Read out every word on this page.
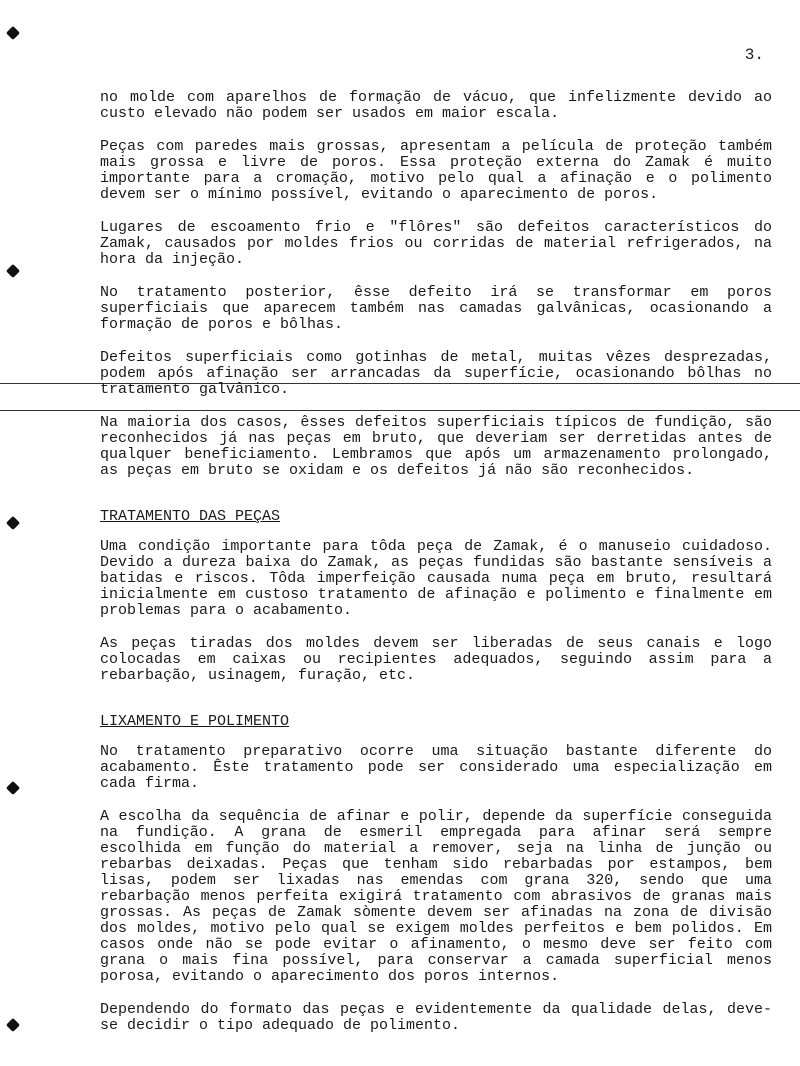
3.

no molde com aparelhos de formação de vácuo, que infelizmente devido ao custo elevado não podem ser usados em maior escala.

Peças com paredes mais grossas, apresentam a película de proteção também mais grossa e livre de poros. Essa proteção externa do Zamak é muito importante para a cromação, motivo pelo qual a afinação e o polimento devem ser o mínimo possível, evitando o aparecimento de poros.

Lugares de escoamento frio e "flôres" são defeitos característicos do Zamak, causados por moldes frios ou corridas de material refrigerados, na hora da injeção.

No tratamento posterior, êsse defeito irá se transformar em poros superficiais que aparecem também nas camadas galvânicas, ocasionando a formação de poros e bôlhas.

Defeitos superficiais como gotinhas de metal, muitas vêzes desprezadas, podem após afinação ser arrancadas da superfície, ocasionando bôlhas no tratamento galvânico.

Na maioria dos casos, êsses defeitos superficiais típicos de fundição, são reconhecidos já nas peças em bruto, que deveriam ser derretidas antes de qualquer beneficiamento. Lembramos que após um armazenamento prolongado, as peças em bruto se oxidam e os defeitos já não são reconhecidos.

TRATAMENTO DAS PEÇAS

Uma condição importante para tôda peça de Zamak, é o manuseio cuidadoso. Devido a dureza baixa do Zamak, as peças fundidas são bastante sensíveis a batidas e riscos. Tôda imperfeição causada numa peça em bruto, resultará inicialmente em custoso tratamento de afinação e polimento e finalmente em problemas para o acabamento.

As peças tiradas dos moldes devem ser liberadas de seus canais e logo colocadas em caixas ou recipientes adequados, seguindo assim para a rebarbação, usinagem, furação, etc.

LIXAMENTO E POLIMENTO

No tratamento preparativo ocorre uma situação bastante diferente do acabamento. Êste tratamento pode ser considerado uma especialização em cada firma.

A escolha da sequência de afinar e polir, depende da superfície conseguida na fundição. A grana de esmeril empregada para afinar será sempre escolhida em função do material a remover, seja na linha de junção ou rebarbas deixadas. Peças que tenham sido rebarbadas por estampos, bem lisas, podem ser lixadas nas emendas com grana 320, sendo que uma rebarbação menos perfeita exigirá tratamento com abrasivos de granas mais grossas. As peças de Zamak sòmente devem ser afinadas na zona de divisão dos moldes, motivo pelo qual se exigem moldes perfeitos e bem polidos. Em casos onde não se pode evitar o afinamento, o mesmo deve ser feito com grana o mais fina possível, para conservar a camada superficial menos porosa, evitando o aparecimento dos poros internos.

Dependendo do formato das peças e evidentemente da qualidade delas, deve-se decidir o tipo adequado de polimento.
